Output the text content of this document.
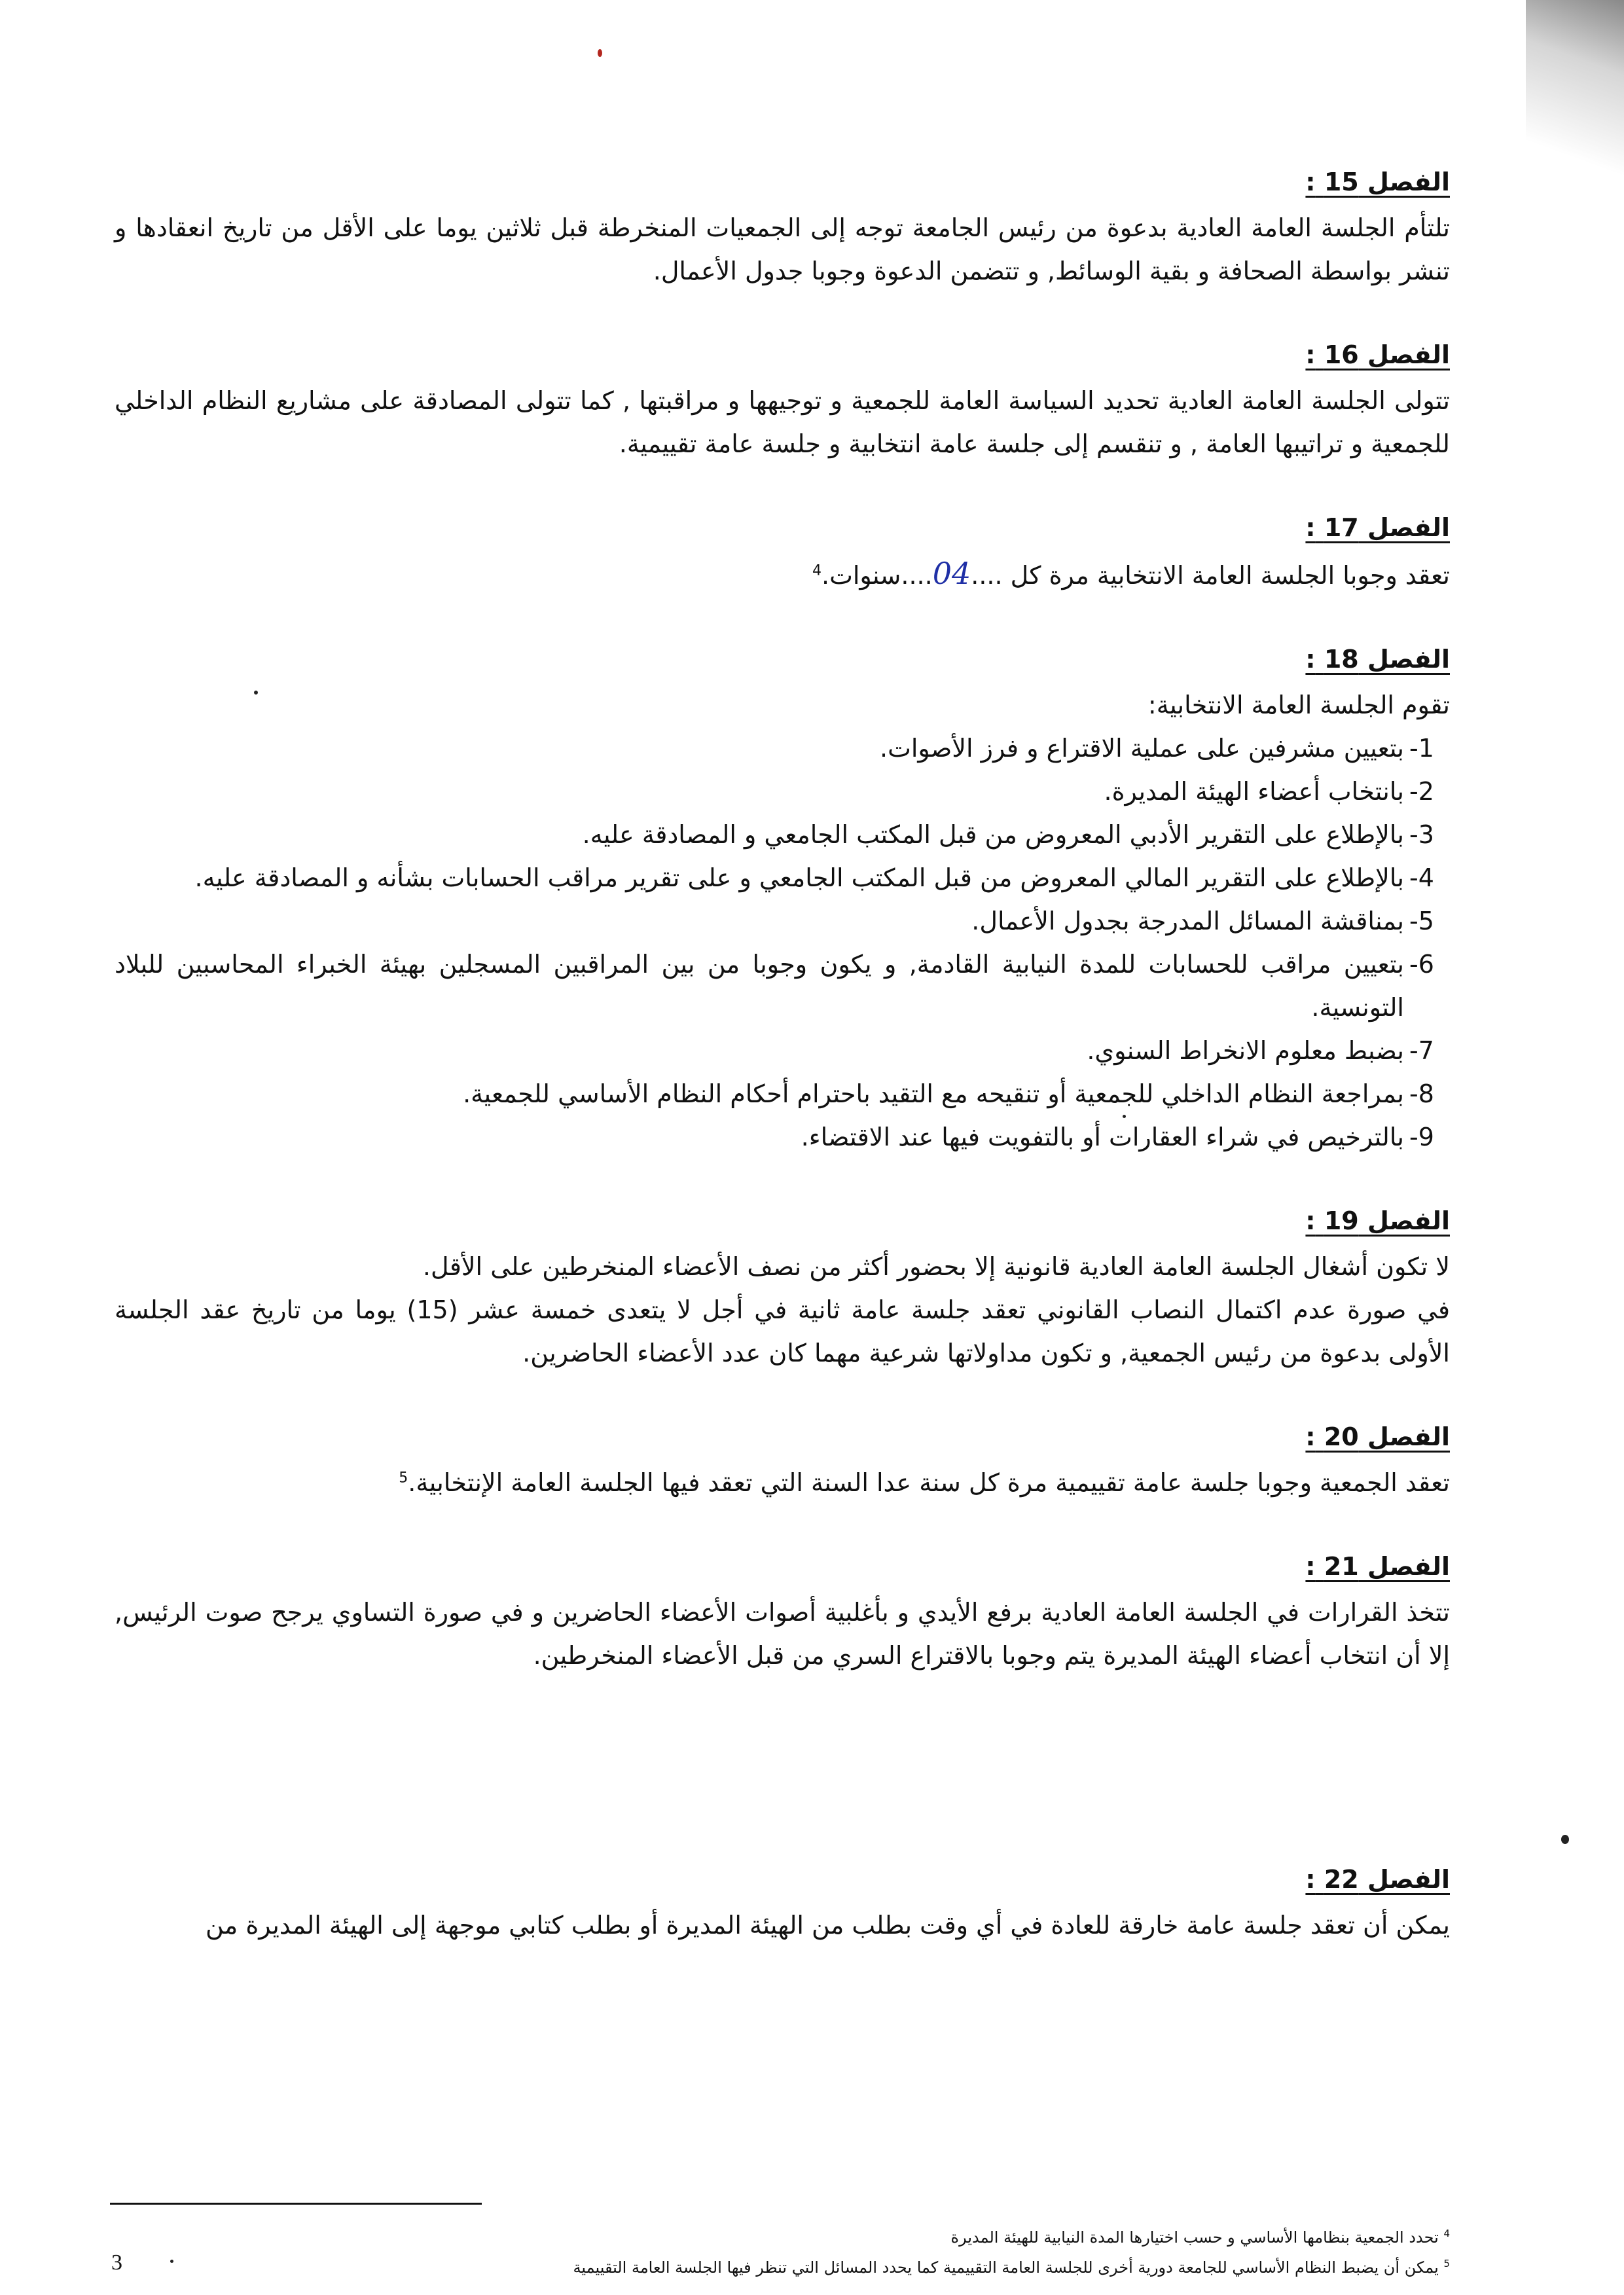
الفصل 15 :

تلتأم الجلسة العامة العادية بدعوة من رئيس الجامعة توجه إلى الجمعيات المنخرطة قبل ثلاثين يوما على الأقل من تاريخ انعقادها و تنشر بواسطة الصحافة و بقية الوسائط, و تتضمن الدعوة وجوبا جدول الأعمال.

الفصل 16 :

تتولى الجلسة العامة العادية تحديد السياسة العامة للجمعية و توجيهها و مراقبتها , كما تتولى المصادقة على مشاريع النظام الداخلي للجمعية و تراتيبها العامة , و تنقسم إلى جلسة عامة انتخابية و جلسة عامة تقييمية.

الفصل 17 :

تعقد وجوبا الجلسة العامة الانتخابية مرة كل ....04....سنوات.$^4$

الفصل 18 :

تقوم الجلسة العامة الانتخابية:

-1
بتعيين مشرفين على عملية الاقتراع و فرز الأصوات.
-2
بانتخاب أعضاء الهيئة المديرة.
-3
بالإطلاع على التقرير الأدبي المعروض من قبل المكتب الجامعي و المصادقة عليه.
-4
بالإطلاع على التقرير المالي المعروض من قبل المكتب الجامعي و على تقرير مراقب الحسابات بشأنه و المصادقة عليه.
-5
بمناقشة المسائل المدرجة بجدول الأعمال.
-6
بتعيين مراقب للحسابات للمدة النيابية القادمة, و يكون وجوبا من بين المراقبين المسجلين بهيئة الخبراء المحاسبين للبلاد التونسية.
-7
بضبط معلوم الانخراط السنوي.
-8
بمراجعة النظام الداخلي للجمعية أو تنقيحه مع التقيد باحترام أحكام النظام الأساسي للجمعية.
-9
بالترخيص في شراء العقارات أو بالتفويت فيها عند الاقتضاء.
الفصل 19 :

لا تكون أشغال الجلسة العامة العادية قانونية إلا بحضور أكثر من نصف الأعضاء المنخرطين على الأقل.

في صورة عدم اكتمال النصاب القانوني تعقد جلسة عامة ثانية في أجل لا يتعدى خمسة عشر (15) يوما من تاريخ عقد الجلسة الأولى بدعوة من رئيس الجمعية, و تكون مداولاتها شرعية مهما كان عدد الأعضاء الحاضرين.

الفصل 20 :

تعقد الجمعية وجوبا جلسة عامة تقييمية مرة كل سنة عدا السنة التي تعقد فيها الجلسة العامة الإنتخابية.$^5$

الفصل 21 :

تتخذ القرارات في الجلسة العامة العادية برفع الأيدي و بأغلبية أصوات الأعضاء الحاضرين و في صورة التساوي يرجح صوت الرئيس, إلا أن انتخاب أعضاء الهيئة المديرة يتم وجوبا بالاقتراع السري من قبل الأعضاء المنخرطين.

الفصل 22 :

يمكن أن تعقد جلسة عامة خارقة للعادة في أي وقت بطلب من الهيئة المديرة أو بطلب كتابي موجهة إلى الهيئة المديرة من

$^4$ تحدد الجمعية بنظامها الأساسي و حسب اختيارها المدة النيابية للهيئة المديرة
$^5$ يمكن أن يضبط النظام الأساسي للجامعة دورية أخرى للجلسة العامة التقييمية كما يحدد المسائل التي تنظر فيها الجلسة العامة التقييمية
3
